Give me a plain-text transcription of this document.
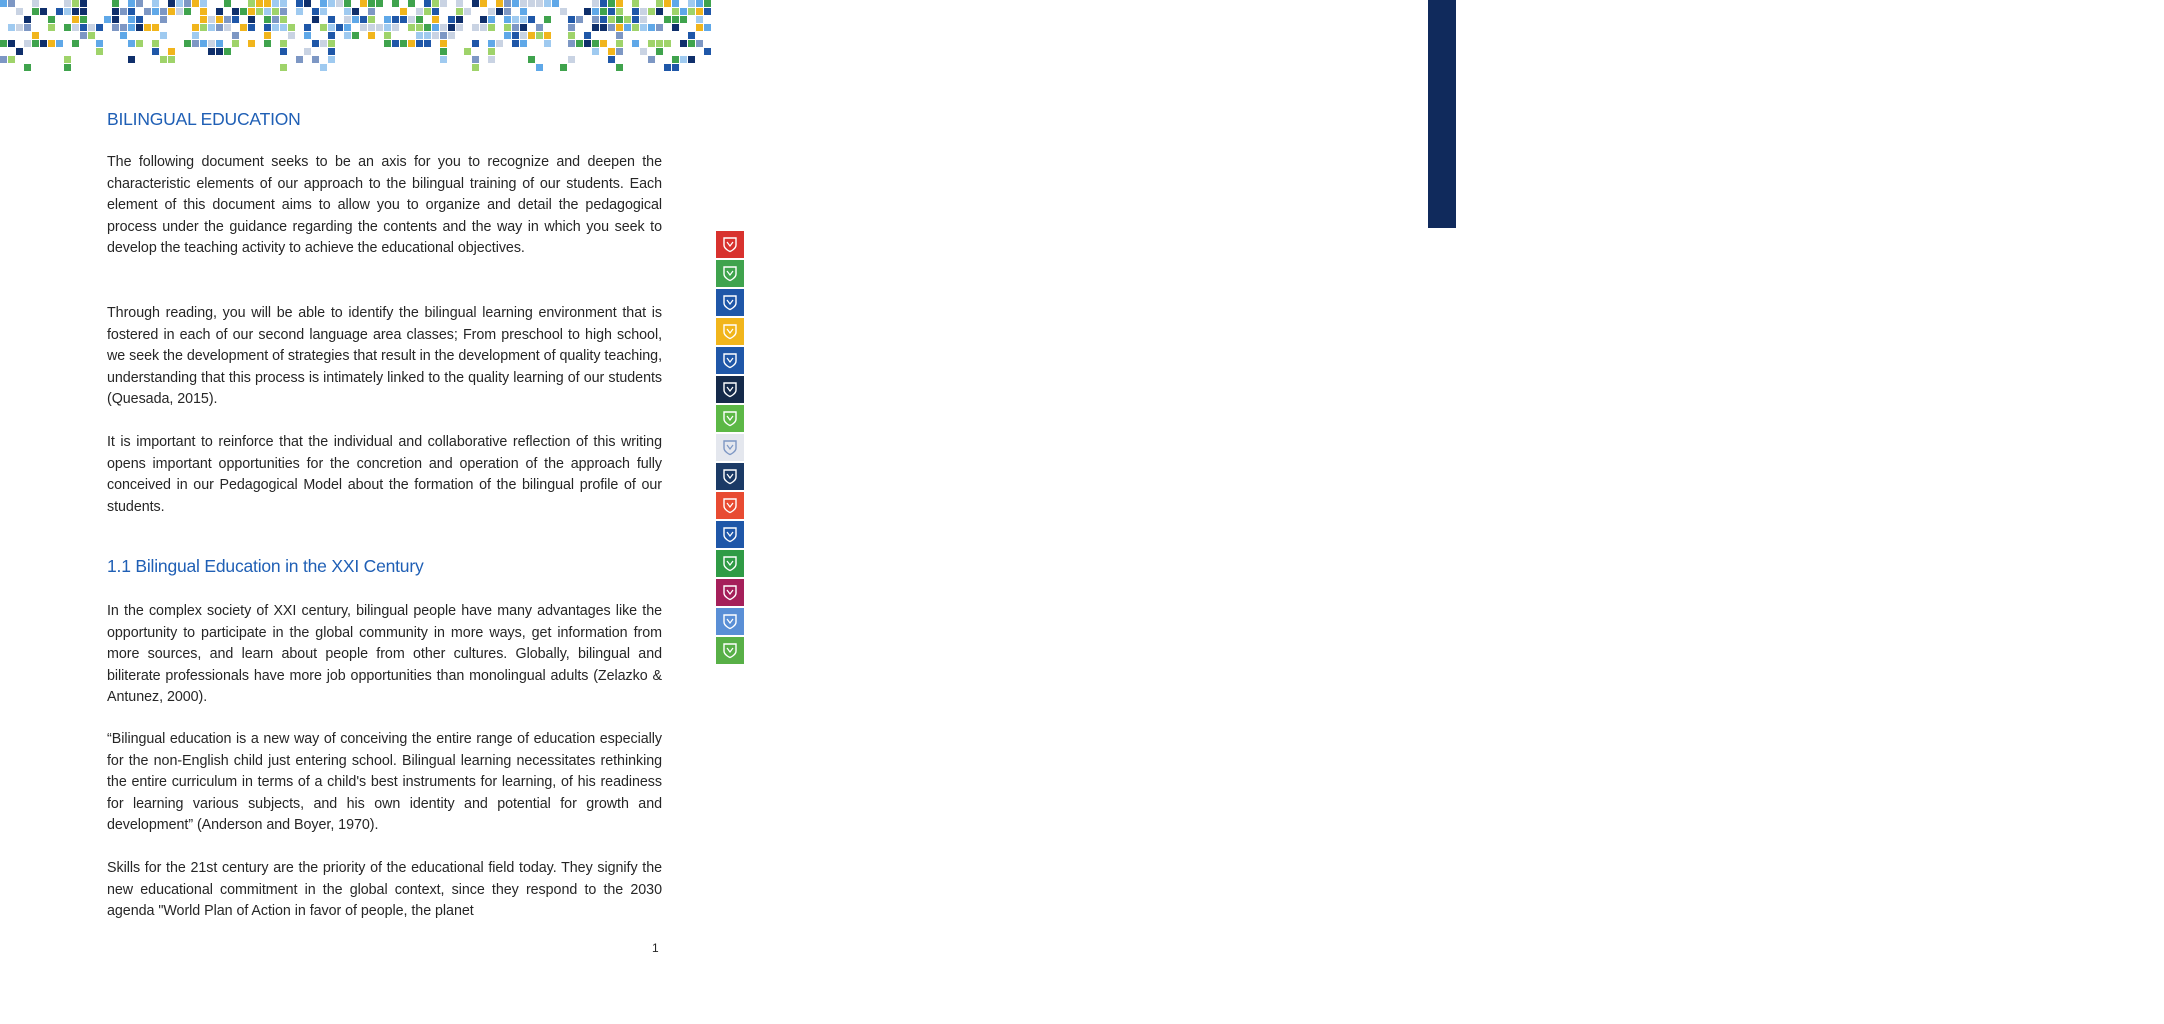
RED DE COLEGIOS SEMPER ALTIUS
BILINGUAL EDUCATION

The following document seeks to be an axis for you to recognize and deepen the characteristic elements of our approach to the bilingual training of our students. Each element of this document aims to allow you to organize and detail the pedagogical process under the guidance regarding the contents and the way in which you seek to develop the teaching activity to achieve the educational objectives.

Through reading, you will be able to identify the bilingual learning environment that is fostered in each of our second language area classes; From preschool to high school, we seek the development of strategies that result in the development of quality teaching, understanding that this process is intimately linked to the quality learning of our students (Quesada, 2015).

It is important to reinforce that the individual and collaborative reflection of this writing opens important opportunities for the concretion and operation of the approach fully conceived in our Pedagogical Model about the formation of the bilingual profile of our students.

1.1 Bilingual Education in the XXI Century

In the complex society of XXI century, bilingual people have many advantages like the opportunity to participate in the global community in more ways, get information from more sources, and learn about people from other cultures. Globally, bilingual and biliterate professionals have more job opportunities than monolingual adults (Zelazko & Antunez, 2000).

“Bilingual education is a new way of conceiving the entire range of education especially for the non-English child just entering school. Bilingual learning necessitates rethinking the entire curriculum in terms of a child's best instruments for learning, of his readiness for learning various subjects, and his own identity and potential for growth and development” (Anderson and Boyer, 1970).

Skills for the 21st century are the priority of the educational field today. They signify the new educational commitment in the global context, since they respond to the 2030 agenda "World Plan of Action in favor of people, the planet

1
